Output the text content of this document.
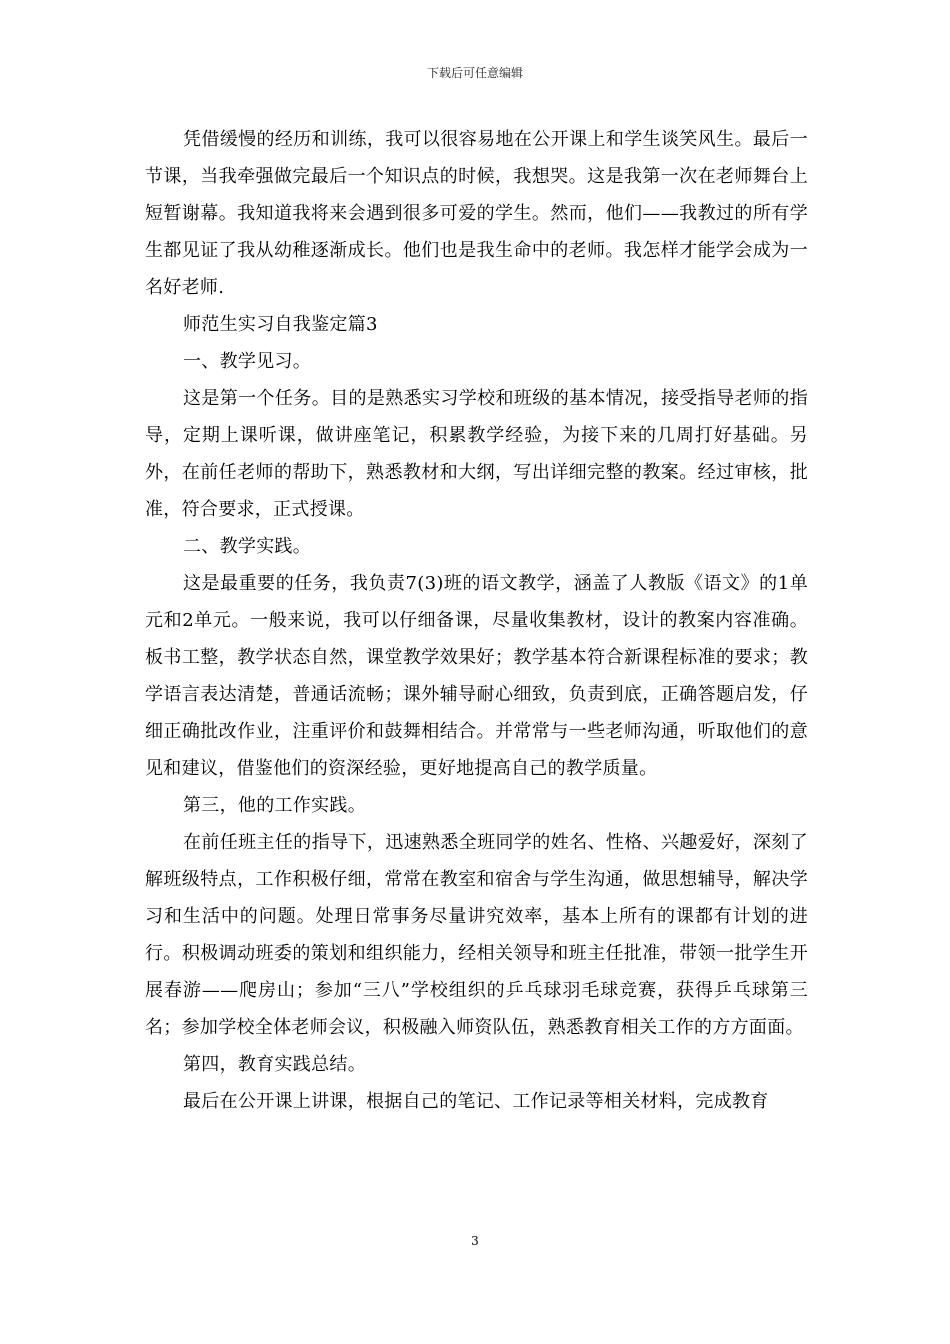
下载后可任意编辑

凭借缓慢的经历和训练，我可以很容易地在公开课上和学生谈笑风生。最后一节课，当我牵强做完最后一个知识点的时候，我想哭。这是我第一次在老师舞台上短暂谢幕。我知道我将来会遇到很多可爱的学生。然而，他们——我教过的所有学生都见证了我从幼稚逐渐成长。他们也是我生命中的老师。我怎样才能学会成为一名好老师.

师范生实习自我鉴定篇3

一、教学见习。

这是第一个任务。目的是熟悉实习学校和班级的基本情况，接受指导老师的指导，定期上课听课，做讲座笔记，积累教学经验，为接下来的几周打好基础。另外，在前任老师的帮助下，熟悉教材和大纲，写出详细完整的教案。经过审核，批准，符合要求，正式授课。

二、教学实践。

这是最重要的任务，我负责7(3)班的语文教学，涵盖了人教版《语文》的1单元和2单元。一般来说，我可以仔细备课，尽量收集教材，设计的教案内容准确。板书工整，教学状态自然，课堂教学效果好；教学基本符合新课程标准的要求；教学语言表达清楚，普通话流畅；课外辅导耐心细致，负责到底，正确答题启发，仔细正确批改作业，注重评价和鼓舞相结合。并常常与一些老师沟通，听取他们的意见和建议，借鉴他们的资深经验，更好地提高自己的教学质量。

第三，他的工作实践。

在前任班主任的指导下，迅速熟悉全班同学的姓名、性格、兴趣爱好，深刻了解班级特点，工作积极仔细，常常在教室和宿舍与学生沟通，做思想辅导，解决学习和生活中的问题。处理日常事务尽量讲究效率，基本上所有的课都有计划的进行。积极调动班委的策划和组织能力，经相关领导和班主任批准，带领一批学生开展春游——爬房山；参加“三八”学校组织的乒乓球羽毛球竞赛，获得乒乓球第三名；参加学校全体老师会议，积极融入师资队伍，熟悉教育相关工作的方方面面。

第四，教育实践总结。

最后在公开课上讲课，根据自己的笔记、工作记录等相关材料，完成教育

3
